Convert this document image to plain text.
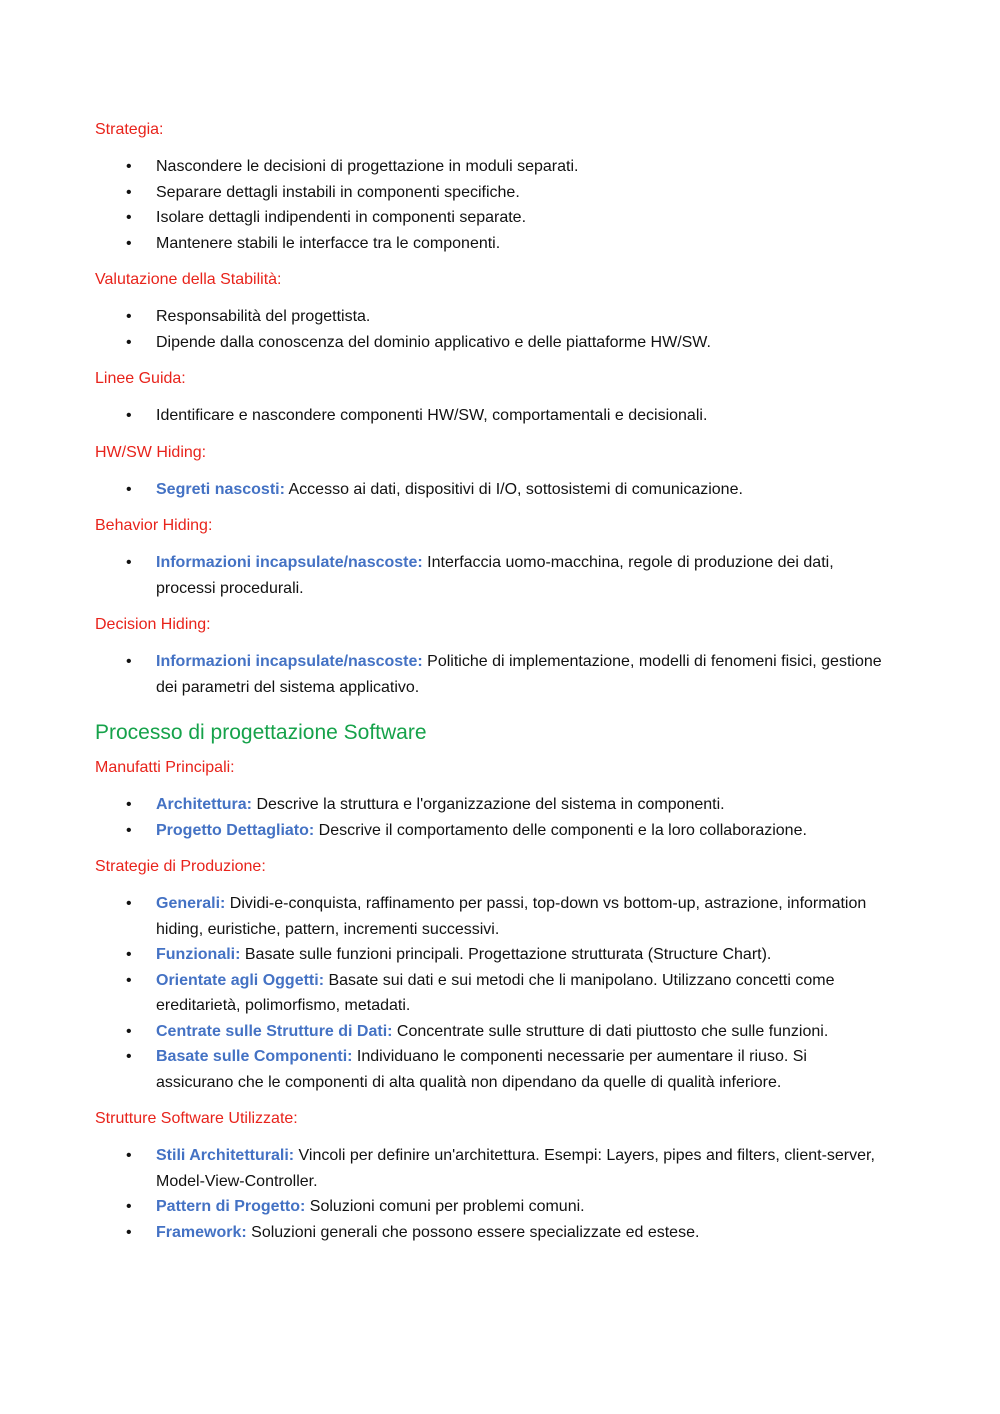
Strategia:
• Nascondere le decisioni di progettazione in moduli separati.
• Separare dettagli instabili in componenti specifiche.
• Isolare dettagli indipendenti in componenti separate.
• Mantenere stabili le interfacce tra le componenti.
Valutazione della Stabilità:
• Responsabilità del progettista.
• Dipende dalla conoscenza del dominio applicativo e delle piattaforme HW/SW.
Linee Guida:
• Identificare e nascondere componenti HW/SW, comportamentali e decisionali.
HW/SW Hiding:
• Segreti nascosti: Accesso ai dati, dispositivi di I/O, sottosistemi di comunicazione.
Behavior Hiding:
• Informazioni incapsulate/nascoste: Interfaccia uomo-macchina, regole di produzione dei dati, processi procedurali.
Decision Hiding:
• Informazioni incapsulate/nascoste: Politiche di implementazione, modelli di fenomeni fisici, gestione dei parametri del sistema applicativo.
Processo di progettazione Software
Manufatti Principali:
• Architettura: Descrive la struttura e l'organizzazione del sistema in componenti.
• Progetto Dettagliato: Descrive il comportamento delle componenti e la loro collaborazione.
Strategie di Produzione:
• Generali: Dividi-e-conquista, raffinamento per passi, top-down vs bottom-up, astrazione, information hiding, euristiche, pattern, incrementi successivi.
• Funzionali: Basate sulle funzioni principali. Progettazione strutturata (Structure Chart).
• Orientate agli Oggetti: Basate sui dati e sui metodi che li manipolano. Utilizzano concetti come ereditarietà, polimorfismo, metadati.
• Centrate sulle Strutture di Dati: Concentrate sulle strutture di dati piuttosto che sulle funzioni.
• Basate sulle Componenti: Individuano le componenti necessarie per aumentare il riuso. Si assicurano che le componenti di alta qualità non dipendano da quelle di qualità inferiore.
Strutture Software Utilizzate:
• Stili Architetturali: Vincoli per definire un'architettura. Esempi: Layers, pipes and filters, client-server, Model-View-Controller.
• Pattern di Progetto: Soluzioni comuni per problemi comuni.
• Framework: Soluzioni generali che possono essere specializzate ed estese.
